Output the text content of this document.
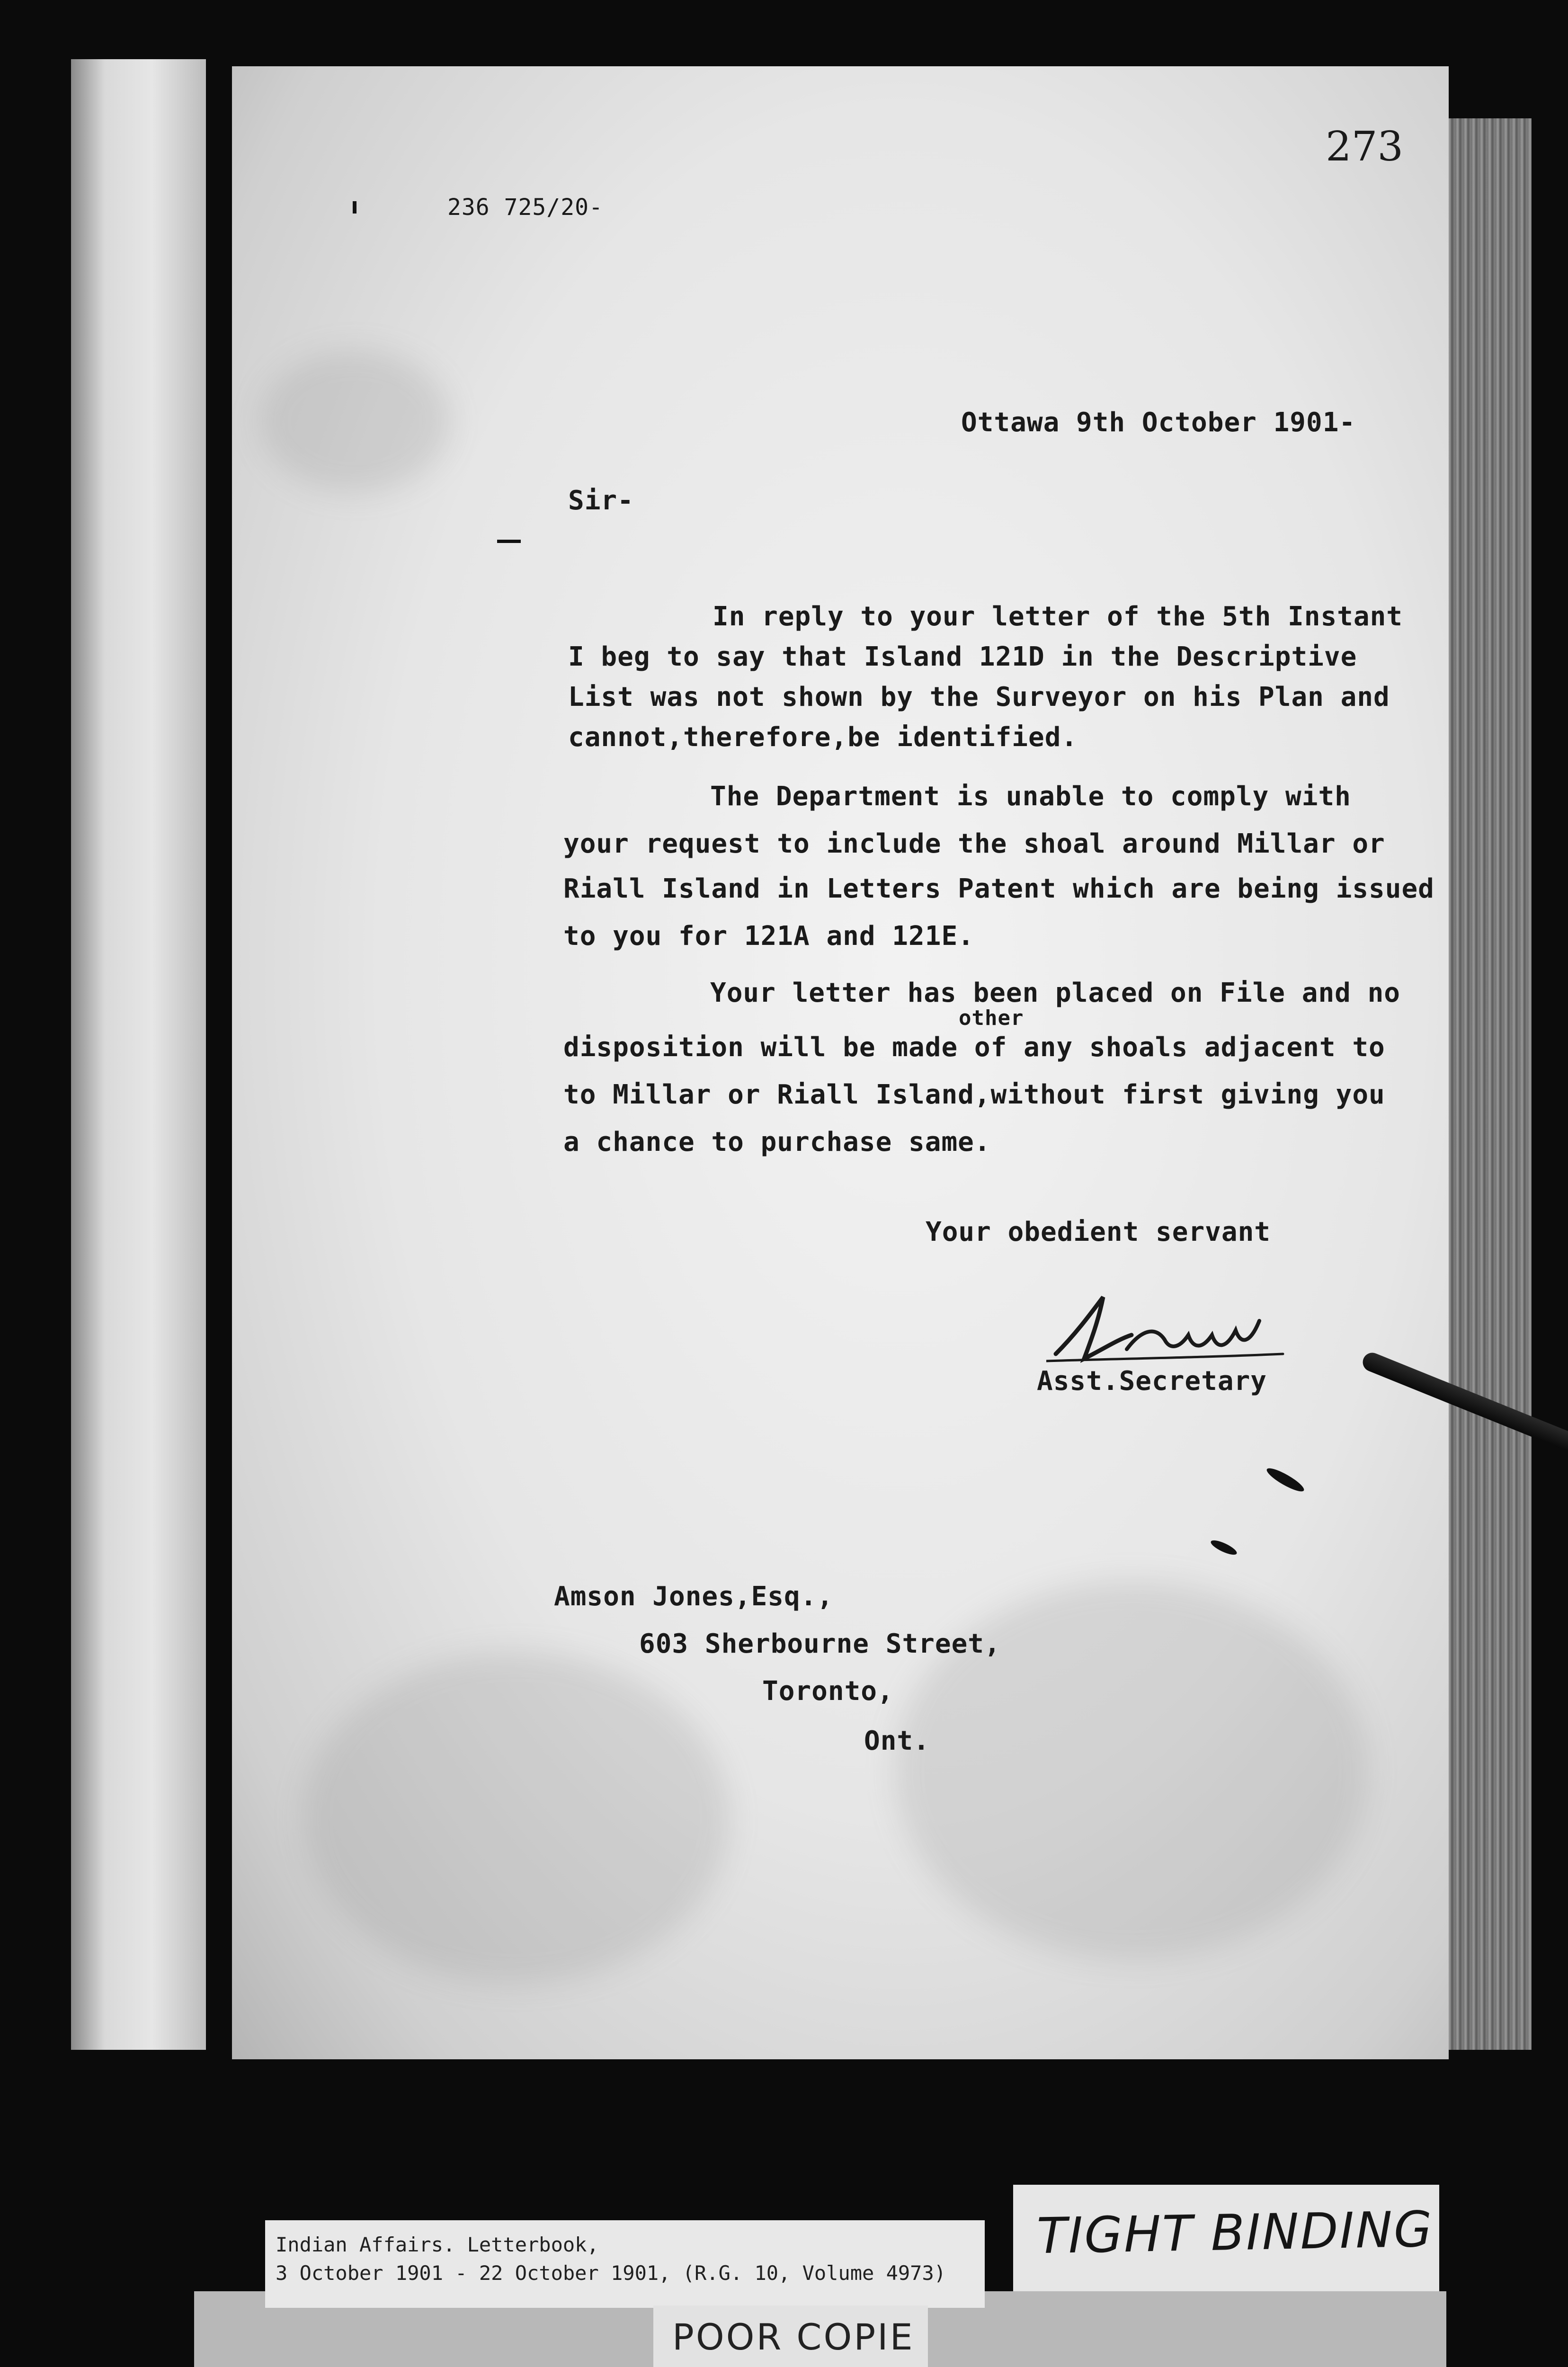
273
236 725/20-
Ottawa 9th October 1901-
Sir-
In reply to your letter of the 5th Instant
I beg to say that Island 121D in the Descriptive
List was not shown by the Surveyor on his Plan and
cannot,therefore,be identified.
The Department is unable to comply with
your request to include the shoal around Millar or
Riall Island in Letters Patent which are being issued
to you for 121A and 121E.
Your letter has been placed on File and no
other
disposition will be made of any shoals adjacent to
to Millar or Riall Island,without first giving you
a chance to purchase same.
Your obedient servant
Asst.Secretary
Amson Jones,Esq.,
603 Sherbourne Street,
Toronto,
Ont.
Indian Affairs. Letterbook,
3 October 1901 - 22 October 1901, (R.G. 10, Volume 4973)
TIGHT BINDING
POOR COPIE
